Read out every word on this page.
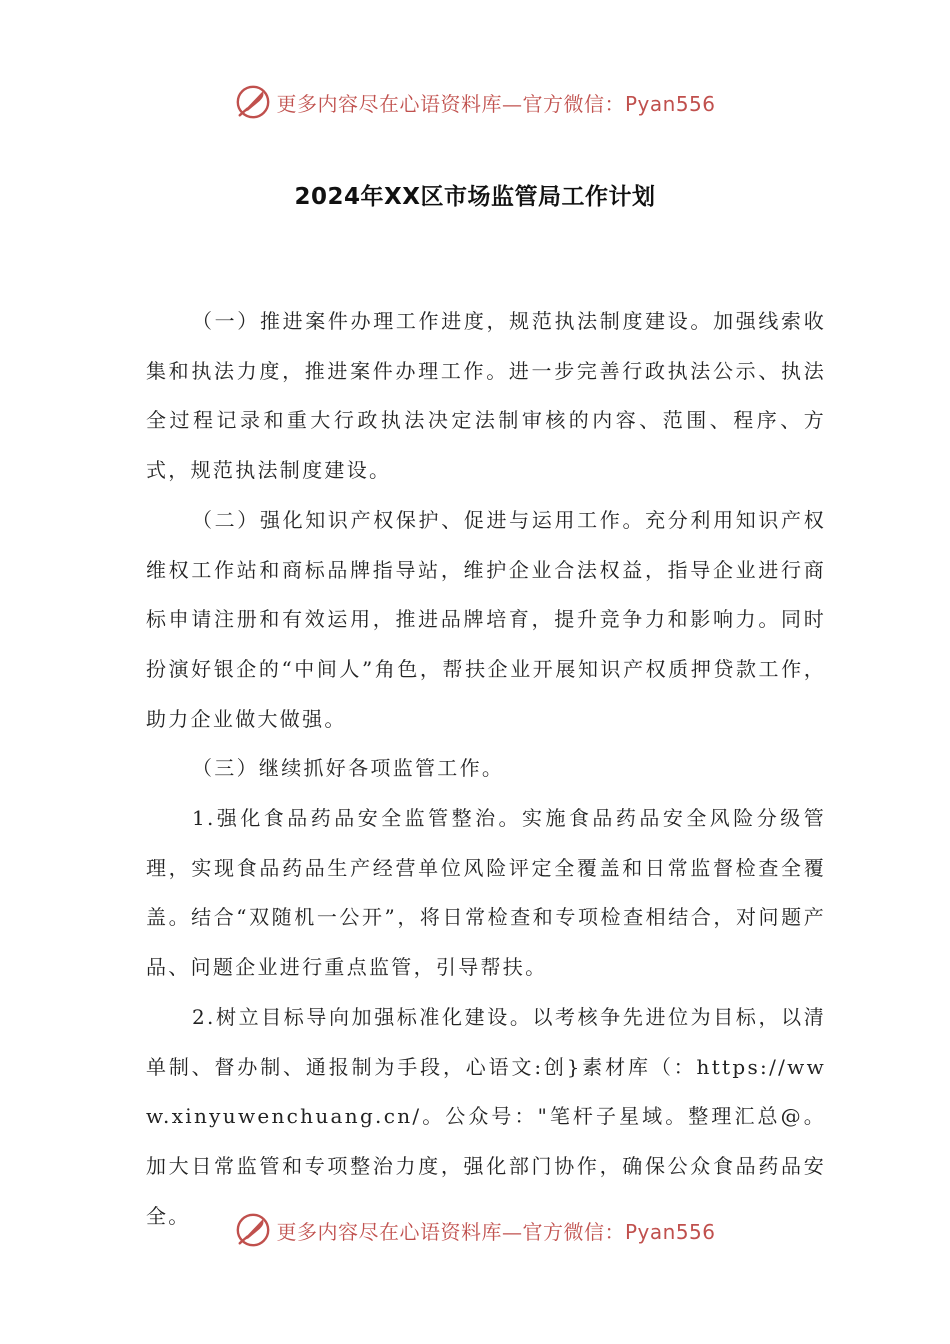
更多内容尽在心语资料库—官方微信：Pyan556
2024年XX区市场监管局工作计划

（一）推进案件办理工作进度，规范执法制度建设。加强线索收集和执法力度，推进案件办理工作。进一步完善行政执法公示、执法全过程记录和重大行政执法决定法制审核的内容、范围、程序、方式，规范执法制度建设。

（二）强化知识产权保护、促进与运用工作。充分利用知识产权维权工作站和商标品牌指导站，维护企业合法权益，指导企业进行商标申请注册和有效运用，推进品牌培育，提升竞争力和影响力。同时扮演好银企的“中间人”角色，帮扶企业开展知识产权质押贷款工作，助力企业做大做强。

（三）继续抓好各项监管工作。

1.强化食品药品安全监管整治。实施食品药品安全风险分级管理，实现食品药品生产经营单位风险评定全覆盖和日常监督检查全覆盖。结合“双随机一公开”，将日常检查和专项检查相结合，对问题产品、问题企业进行重点监管，引导帮扶。

2.树立目标导向加强标准化建设。以考核争先进位为目标，以清单制、督办制、通报制为手段，心语文:创}素材库（：https://www.xinyuwenchuang.cn/。公众号："笔杆子星域。整理汇总@。加大日常监管和专项整治力度，强化部门协作，确保公众食品药品安全。

更多内容尽在心语资料库—官方微信：Pyan556
